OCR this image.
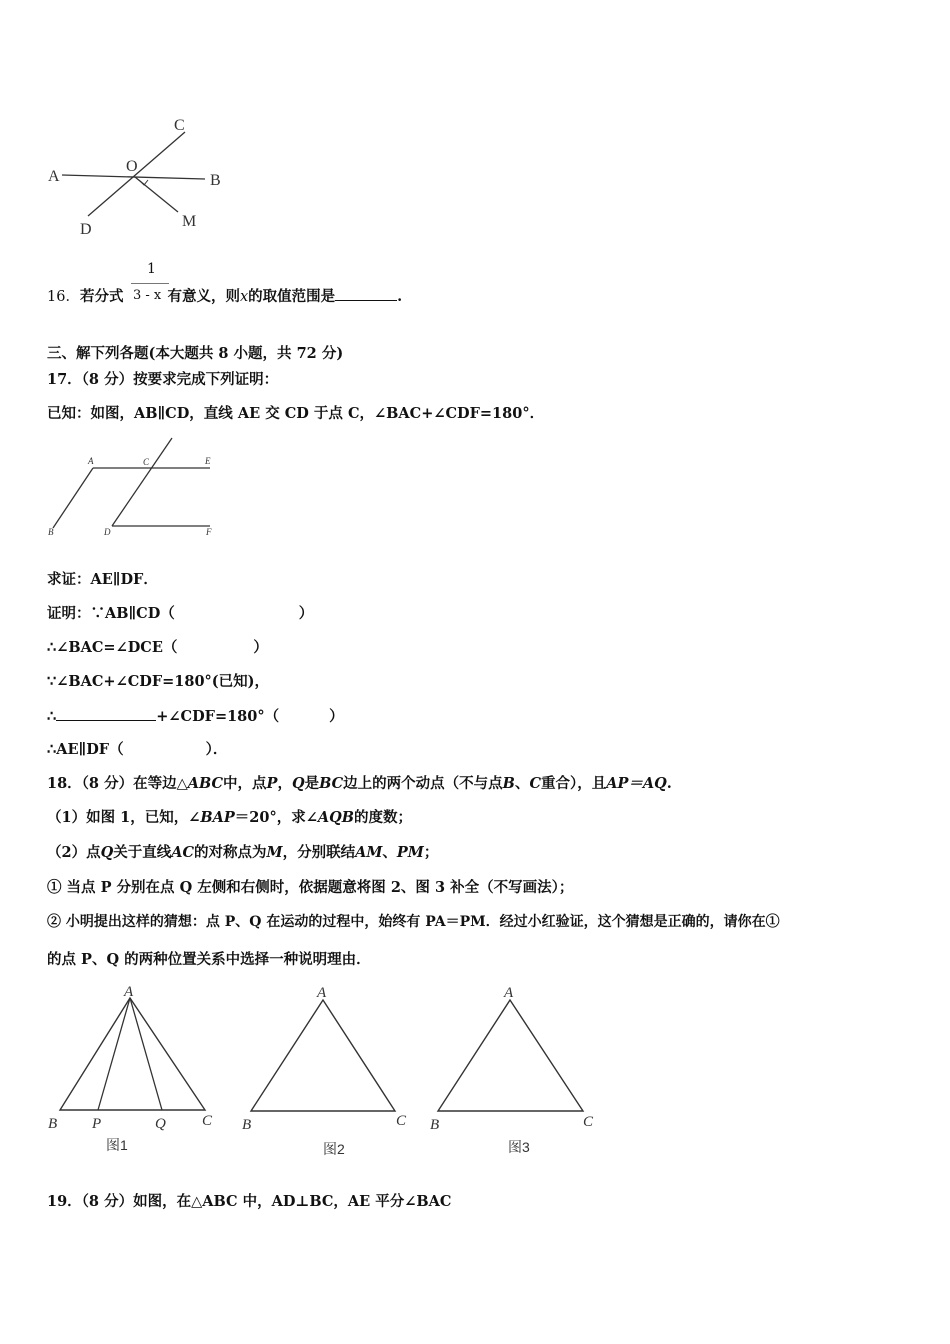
C
A
O
B
D	M
16．若分式	有意义，则x的取值范围是	.
1
3 - x
三、解下列各题(本大题共 8 小题，共 72 分)
17．（8 分）按要求完成下列证明：
已知：如图，AB∥CD，直线 AE 交 CD 于点 C，∠BAC+∠CDF=180°．
A	C	E
B	D	F
求证：AE∥DF．
证明：∵AB∥CD（	）
∴∠BAC=∠DCE（	）
∵∠BAC+∠CDF=180°(已知)，
∴	+∠CDF=180°（	）
∴AE∥DF（	）．
18．（8 分）在等边△ABC中，点P，Q是BC边上的两个动点（不与点B、C重合），且AP＝AQ.
（1）如图 1，已知，∠BAP＝20°，求∠AQB的度数；
（2）点Q关于直线AC的对称点为M，分别联结AM、PM；
① 当点 P 分别在点 Q 左侧和右侧时，依据题意将图 2、图 3 补全（不写画法）；
② 小明提出这样的猜想：点 P、Q 在运动的过程中，始终有 PA＝PM．经过小红验证，这个猜想是正确的，请你在①
的点 P、Q 的两种位置关系中选择一种说明理由．
A
B P	Q C
图1
A
B	C
图2
A
B	C
图3
19．（8 分）如图，在△ABC 中，AD⊥BC，AE 平分∠BAC
